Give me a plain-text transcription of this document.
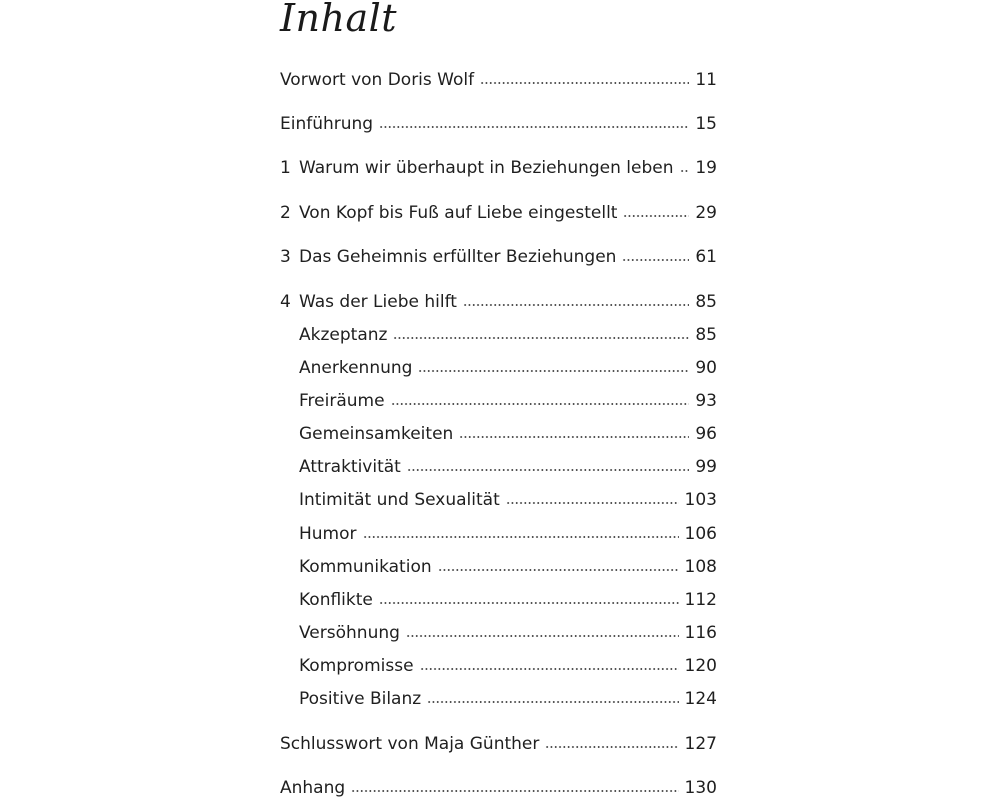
Inhalt
Vorwort von Doris Wolf	11
Einführung	15
1 Warum wir überhaupt in Beziehungen leben 19
2 Von Kopf bis Fuß auf Liebe eingestellt	29
3 Das Geheimnis erfüllter Beziehungen	61
4 Was der Liebe hilft	85
Akzeptanz	85
Anerkennung	90
Freiräume	93
Gemeinsamkeiten	96
Attraktivität	99
Intimität und Sexualität	103
Humor	106
Kommunikation	108
Konflikte	112
Versöhnung	116
Kompromisse	120
Positive Bilanz	124
Schlusswort von Maja Günther	127
Anhang	130
